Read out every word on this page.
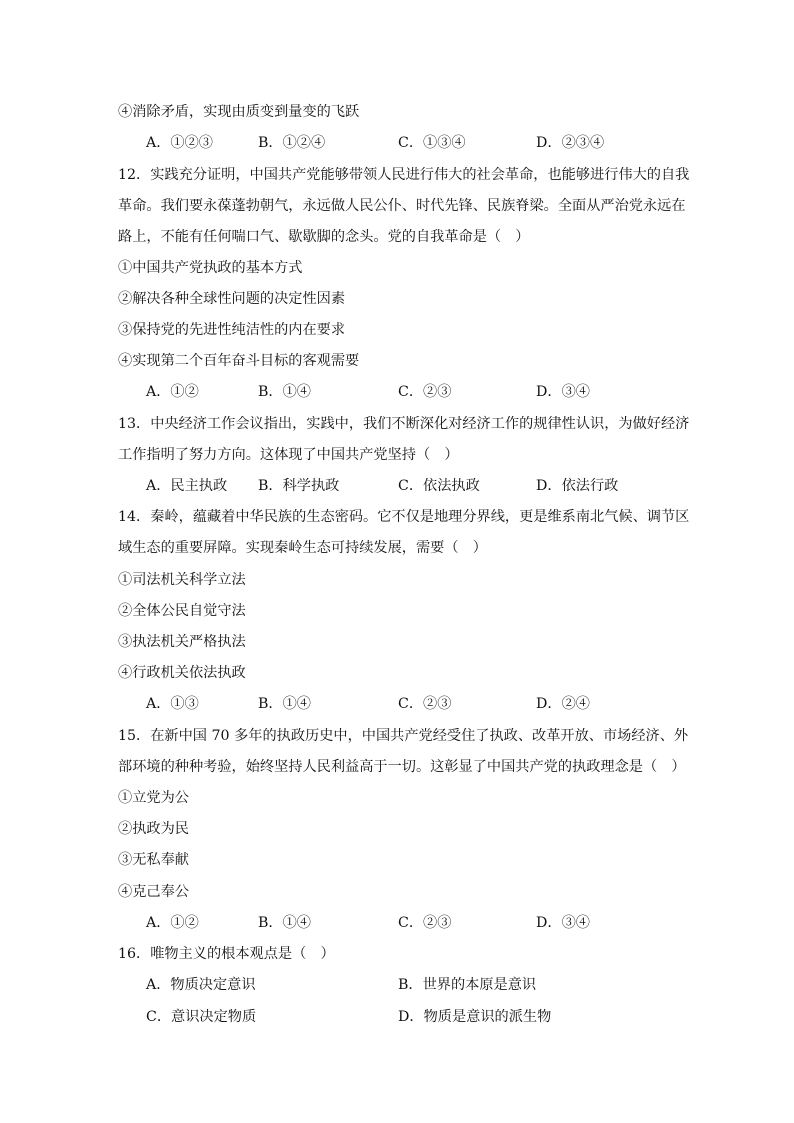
④消除矛盾，实现由质变到量变的飞跃
A．①②③	B．①②④	C．①③④	D．②③④
12．实践充分证明，中国共产党能够带领人民进行伟大的社会革命，也能够进行伟大的自我
革命。我们要永葆蓬勃朝气，永远做人民公仆、时代先锋、民族脊梁。全面从严治党永远在
路上，不能有任何喘口气、歇歇脚的念头。党的自我革命是（　）
①中国共产党执政的基本方式
②解决各种全球性问题的决定性因素
③保持党的先进性纯洁性的内在要求
④实现第二个百年奋斗目标的客观需要
A．①②	B．①④	C．②③	D．③④
13．中央经济工作会议指出，实践中，我们不断深化对经济工作的规律性认识，为做好经济
工作指明了努力方向。这体现了中国共产党坚持（　）
A．民主执政 B．科学执政	C．依法执政	D．依法行政
14．秦岭，蕴藏着中华民族的生态密码。它不仅是地理分界线，更是维系南北气候、调节区
域生态的重要屏障。实现秦岭生态可持续发展，需要（　）
①司法机关科学立法
②全体公民自觉守法
③执法机关严格执法
④行政机关依法执政
A．①③	B．①④	C．②③	D．②④
15．在新中国 70 多年的执政历史中，中国共产党经受住了执政、改革开放、市场经济、外
部环境的种种考验，始终坚持人民利益高于一切。这彰显了中国共产党的执政理念是（　）
①立党为公
②执政为民
③无私奉献
④克己奉公
A．①②	B．①④	C．②③	D．③④
16．唯物主义的根本观点是（　）
A．物质决定意识	B．世界的本原是意识
C．意识决定物质	D．物质是意识的派生物
